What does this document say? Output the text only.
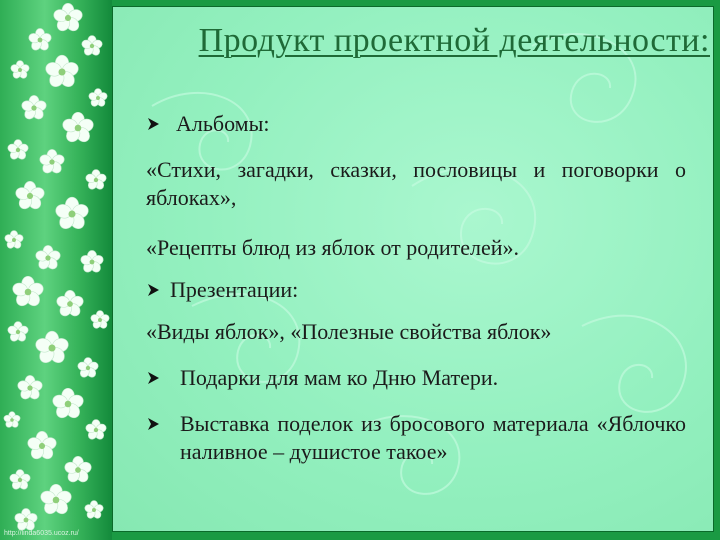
Продукт проектной деятельности:
Альбомы:
«Стихи, загадки, сказки, пословицы и поговорки о яблоках»,
«Рецепты блюд из яблок от родителей».
Презентации:
«Виды яблок», «Полезные свойства яблок»
Подарки для мам ко Дню Матери.
Выставка поделок из бросового материала «Яблочко наливное – душистое такое»
http://linda6035.ucoz.ru/
